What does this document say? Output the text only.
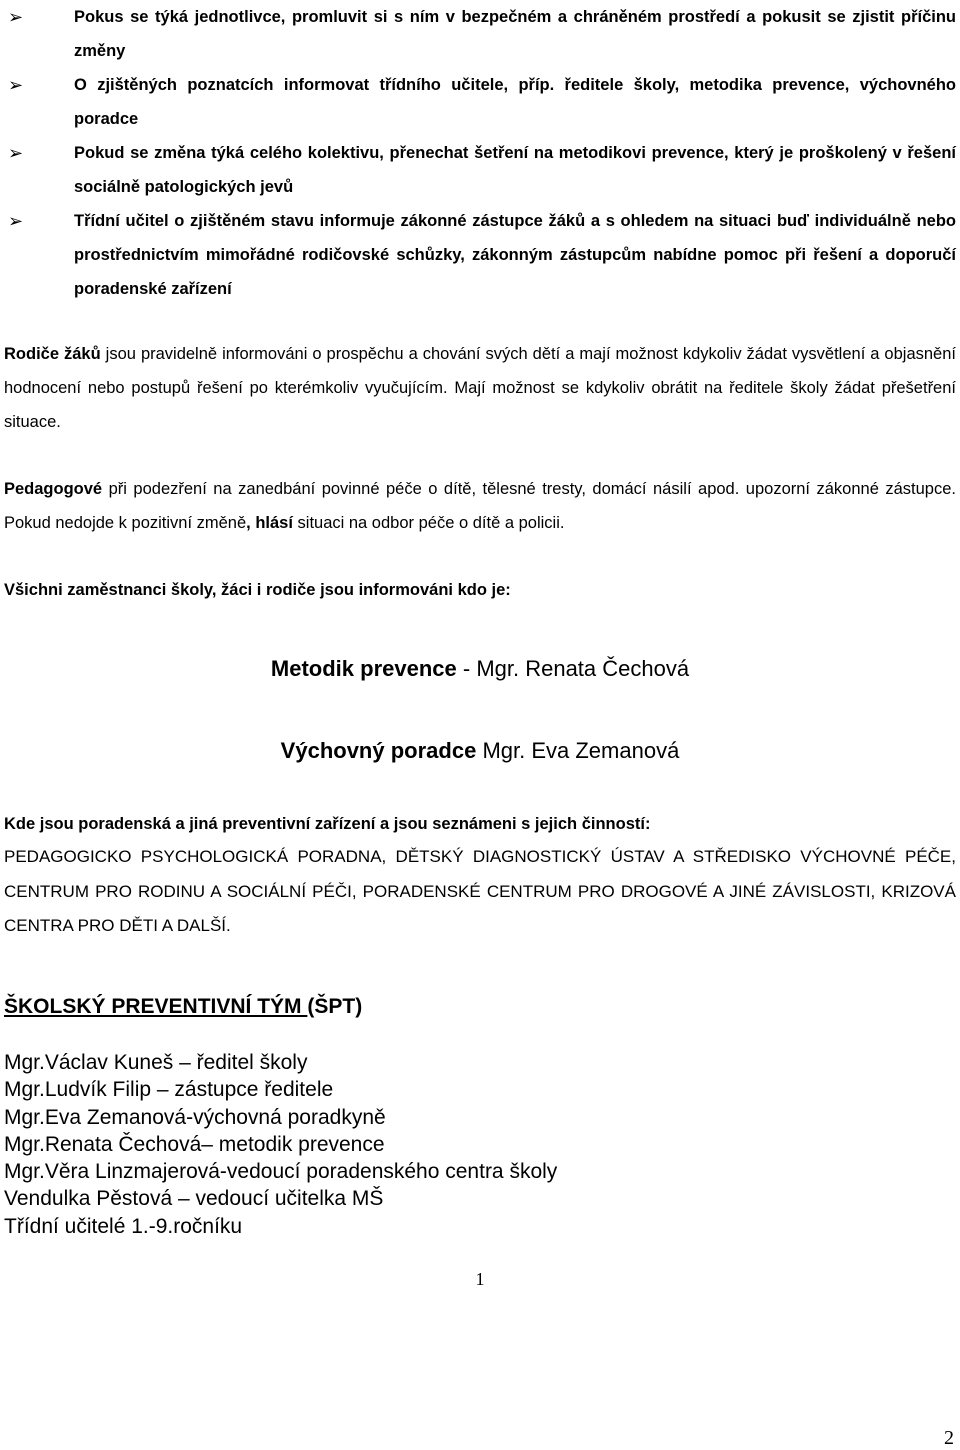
➢	Pokus se týká jednotlivce, promluvit si s ním v bezpečném a chráněném prostředí a pokusit se zjistit příčinu změny
➢	O zjištěných poznatcích informovat třídního učitele, příp. ředitele školy, metodika prevence, výchovného poradce
➢	Pokud se změna týká celého kolektivu, přenechat šetření na metodikovi prevence, který je proškolený v řešení sociálně patologických jevů
➢	Třídní učitel o zjištěném stavu informuje zákonné zástupce žáků a s ohledem na situaci buď individuálně nebo prostřednictvím mimořádné rodičovské schůzky, zákonným zástupcům nabídne pomoc při řešení a doporučí poradenské zařízení
Rodiče žáků jsou pravidelně informováni o prospěchu a chování svých dětí a mají možnost kdykoliv žádat vysvětlení a objasnění hodnocení nebo postupů řešení po kterémkoliv vyučujícím. Mají možnost se kdykoliv obrátit na ředitele školy žádat přešetření situace.
Pedagogové při podezření na zanedbání povinné péče o dítě, tělesné tresty, domácí násilí apod. upozorní zákonné zástupce. Pokud nedojde k pozitivní změně, hlásí situaci na odbor péče o dítě a policii.
Všichni zaměstnanci školy, žáci i rodiče jsou informováni kdo je:
Metodik prevence - Mgr. Renata Čechová
Výchovný poradce Mgr. Eva Zemanová
Kde jsou poradenská a jiná preventivní zařízení a jsou seznámeni s jejich činností:
PEDAGOGICKO PSYCHOLOGICKÁ PORADNA, DĚTSKÝ DIAGNOSTICKÝ ÚSTAV A STŘEDISKO VÝCHOVNÉ PÉČE, CENTRUM PRO RODINU A SOCIÁLNÍ PÉČI, PORADENSKÉ CENTRUM PRO DROGOVÉ A JINÉ ZÁVISLOSTI, KRIZOVÁ CENTRA PRO DĚTI A DALŠÍ.
ŠKOLSKÝ PREVENTIVNÍ TÝM (ŠPT)
Mgr.Václav Kuneš – ředitel školy
Mgr.Ludvík Filip – zástupce ředitele
Mgr.Eva Zemanová-výchovná poradkyně
Mgr.Renata Čechová– metodik prevence
Mgr.Věra Linzmajerová-vedoucí poradenského centra školy
Vendulka Pěstová – vedoucí učitelka MŠ
Třídní učitelé 1.-9.ročníku
1
2
